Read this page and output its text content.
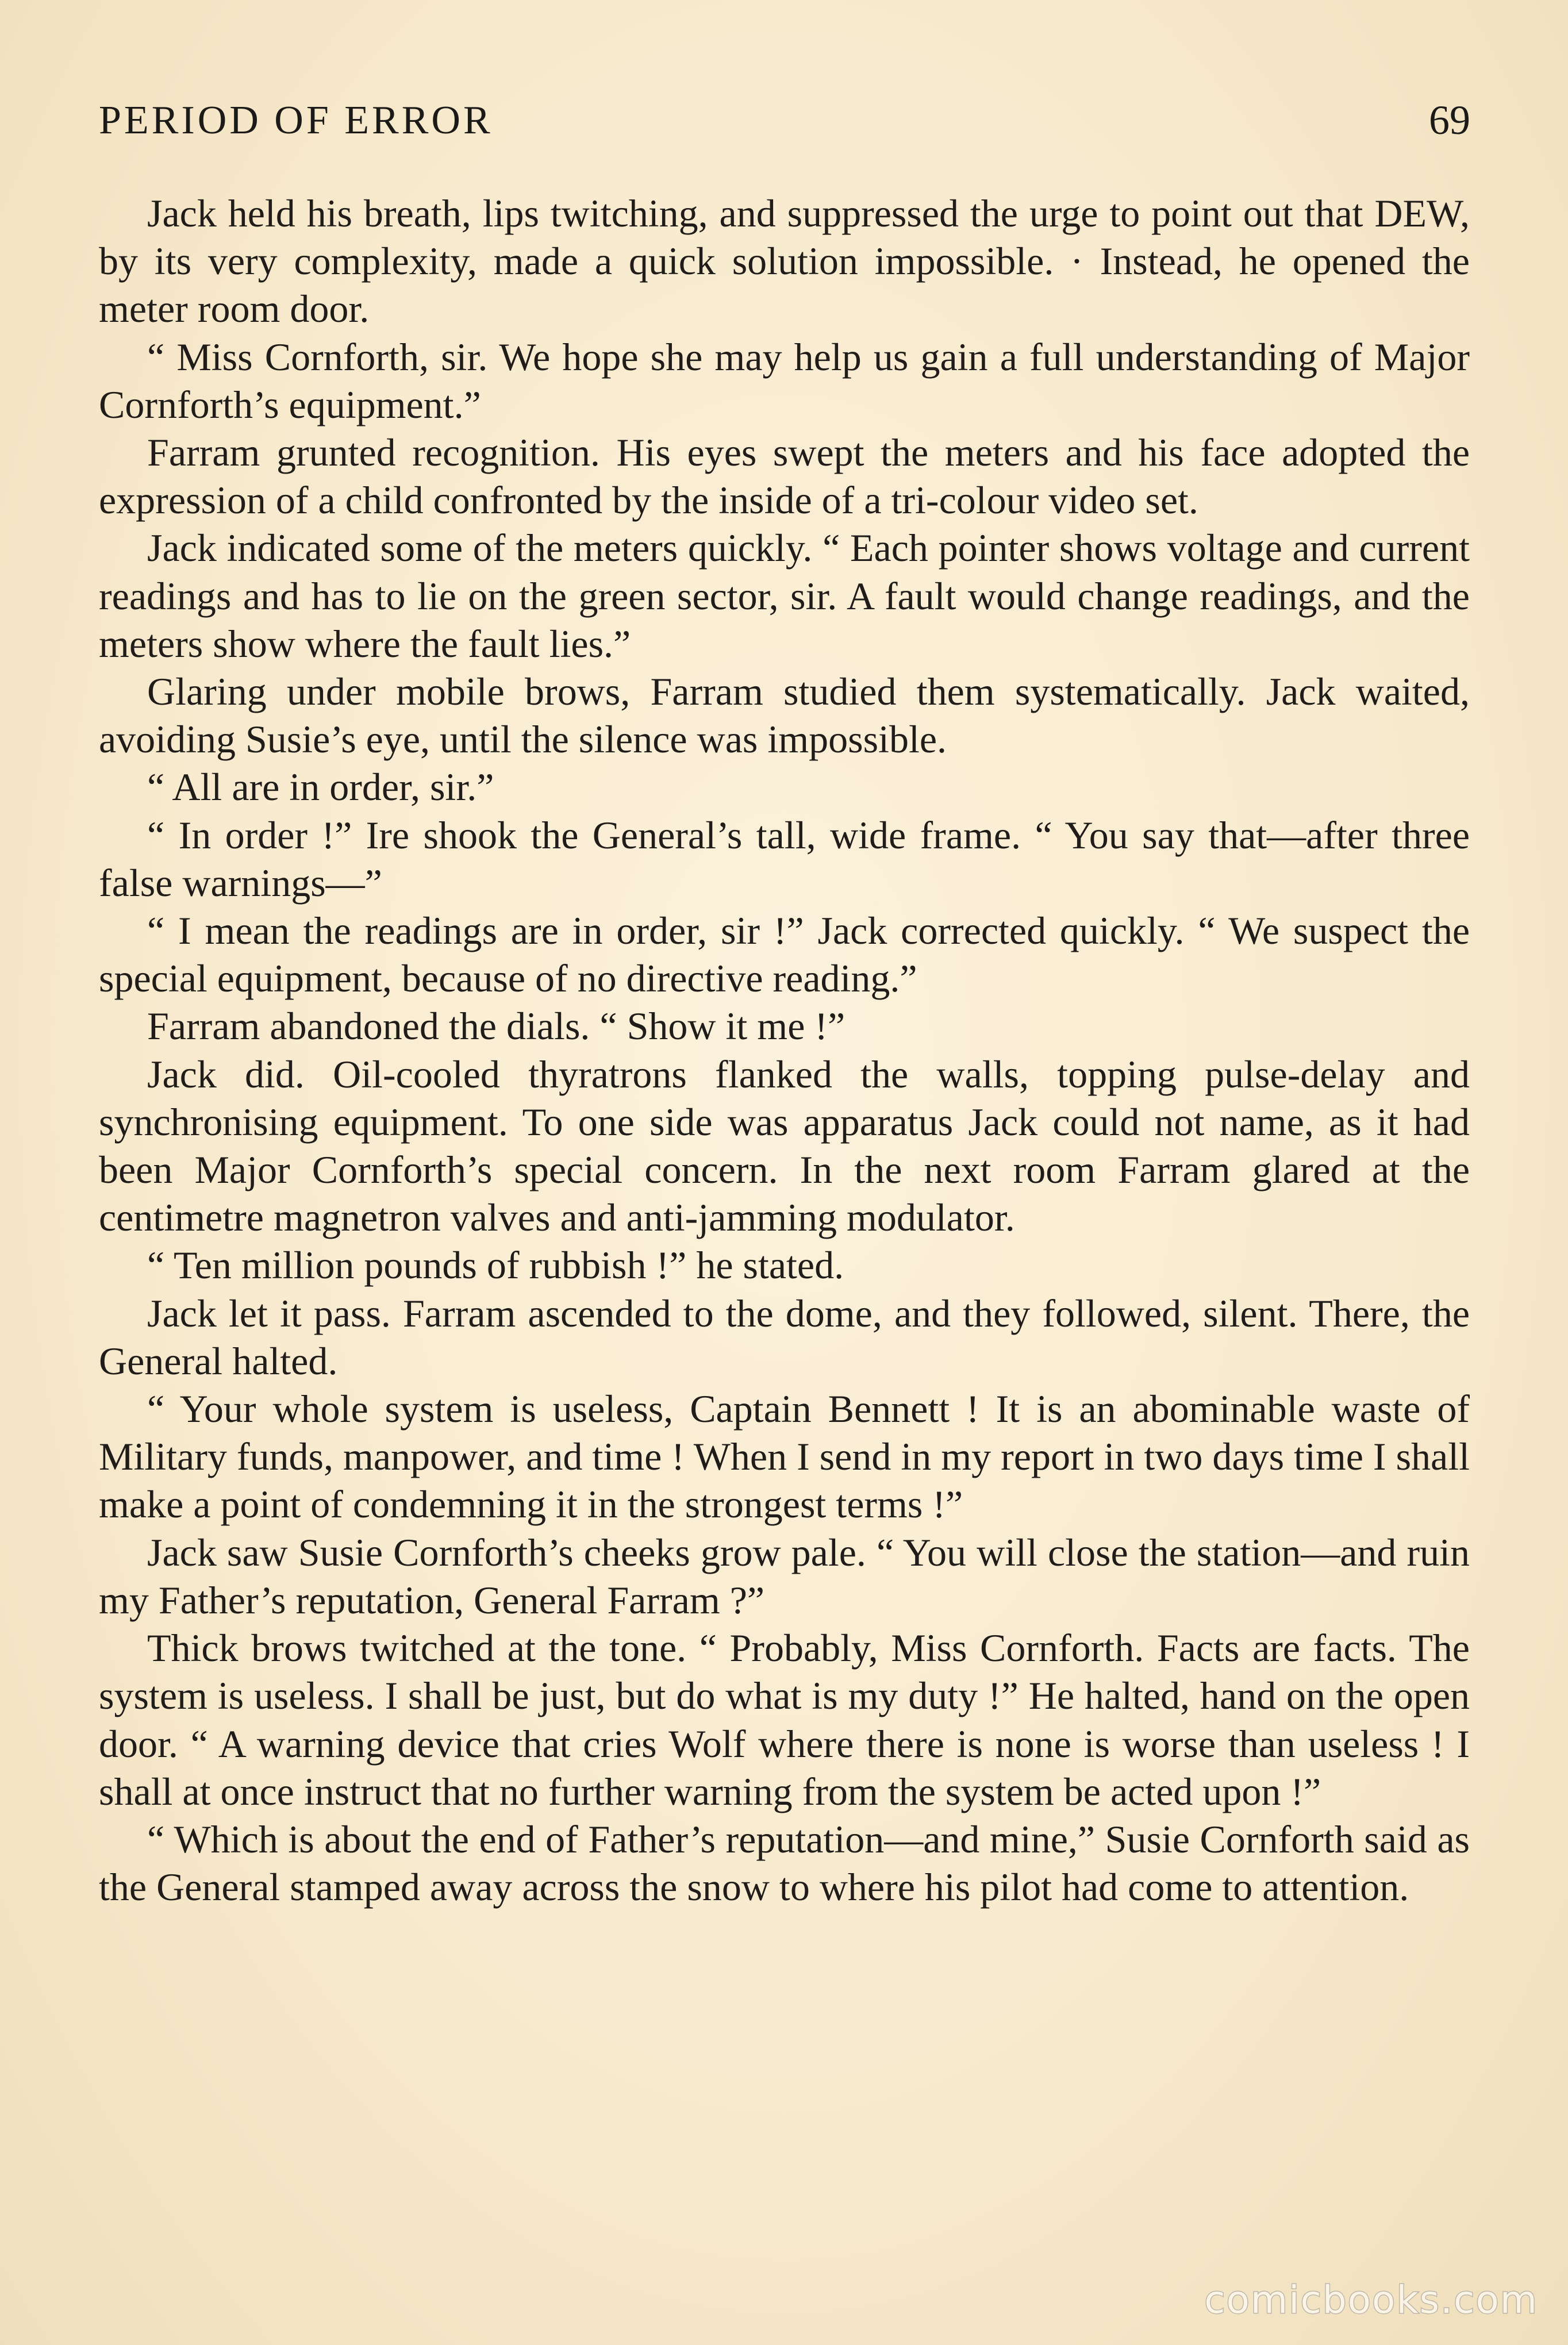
PERIOD OF ERROR	69

Jack held his breath, lips twitching, and suppressed the urge to point out that DEW, by its very complexity, made a quick solution impossible. · Instead, he opened the meter room door.

“ Miss Cornforth, sir. We hope she may help us gain a full understanding of Major Cornforth’s equipment.”

Farram grunted recognition. His eyes swept the meters and his face adopted the expression of a child confronted by the inside of a tri-colour video set.

Jack indicated some of the meters quickly. “ Each pointer shows voltage and current readings and has to lie on the green sector, sir. A fault would change readings, and the meters show where the fault lies.”

Glaring under mobile brows, Farram studied them systematically. Jack waited, avoiding Susie’s eye, until the silence was impossible.

“ All are in order, sir.”

“ In order !” Ire shook the General’s tall, wide frame. “ You say that—after three false warnings—”

“ I mean the readings are in order, sir !” Jack corrected quickly. “ We suspect the special equipment, because of no directive reading.”

Farram abandoned the dials. “ Show it me !”

Jack did. Oil-cooled thyratrons flanked the walls, topping pulse-delay and synchronising equipment. To one side was apparatus Jack could not name, as it had been Major Cornforth’s special concern. In the next room Farram glared at the centimetre magnetron valves and anti-jamming modulator.

“ Ten million pounds of rubbish !” he stated.

Jack let it pass. Farram ascended to the dome, and they followed, silent. There, the General halted.

“ Your whole system is useless, Captain Bennett ! It is an abominable waste of Military funds, manpower, and time ! When I send in my report in two days time I shall make a point of condemning it in the strongest terms !”

Jack saw Susie Cornforth’s cheeks grow pale. “ You will close the station—and ruin my Father’s reputation, General Farram ?”

Thick brows twitched at the tone. “ Probably, Miss Cornforth. Facts are facts. The system is useless. I shall be just, but do what is my duty !” He halted, hand on the open door. “ A warning device that cries Wolf where there is none is worse than useless ! I shall at once instruct that no further warning from the system be acted upon !”

“ Which is about the end of Father’s reputation—and mine,” Susie Cornforth said as the General stamped away across the snow to where his pilot had come to attention.

comicbooks.com
